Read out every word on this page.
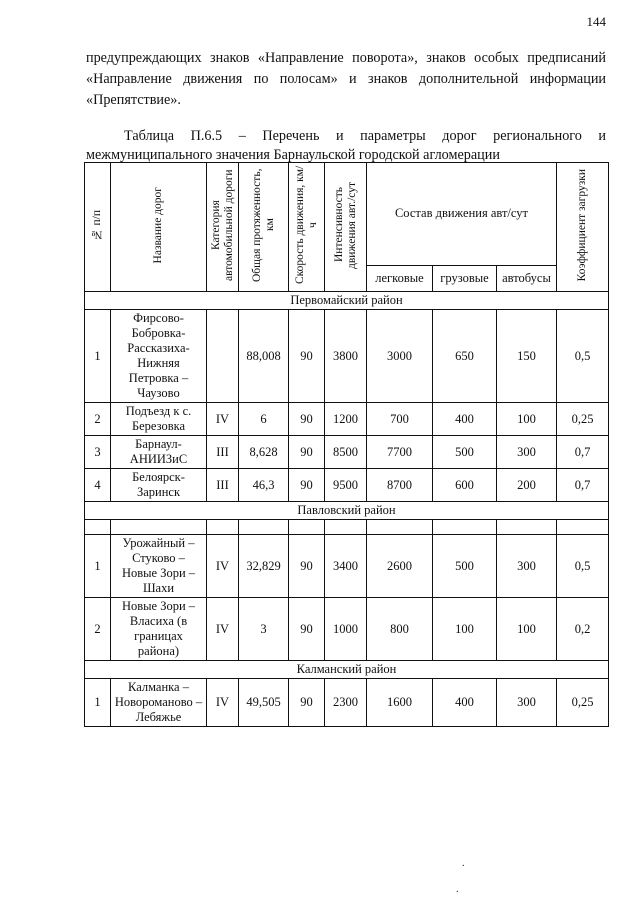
144
предупреждающих знаков «Направление поворота», знаков особых предписаний «Направление движения по полосам» и знаков дополнительной информации «Препятствие».
Таблица П.6.5 – Перечень и параметры дорог регионального и межмуниципального значения Барнаульской городской агломерации
№ п/п	Название дорог	Категория автомобильной дороги	Общая протяженность, км	Скорость движения, км/ч	Интенсивность движения авт./сут	Состав движения авт/сут			Коэффициент загрузки
						легковые	грузовые	автобусы	
Первомайский район									
1	Фирсово-Бобровка-Рассказиха-Нижняя Петровка – Чаузово		88,008	90	3800	3000	650	150	0,5
2	Подъезд к с. Березовка	IV	6	90	1200	700	400	100	0,25
3	Барнаул-АНИИЗиС	III	8,628	90	8500	7700	500	300	0,7
4	Белоярск-Заринск	III	46,3	90	9500	8700	600	200	0,7
Павловский район									

1	Урожайный – Стуково – Новые Зори – Шахи	IV	32,829	90	3400	2600	500	300	0,5
2	Новые Зори – Власиха (в границах района)	IV	3	90	1000	800	100	100	0,2
Калманский район									
1	Калманка – Новороманово – Лебяжье	IV	49,505	90	2300	1600	400	300	0,25
.
.
